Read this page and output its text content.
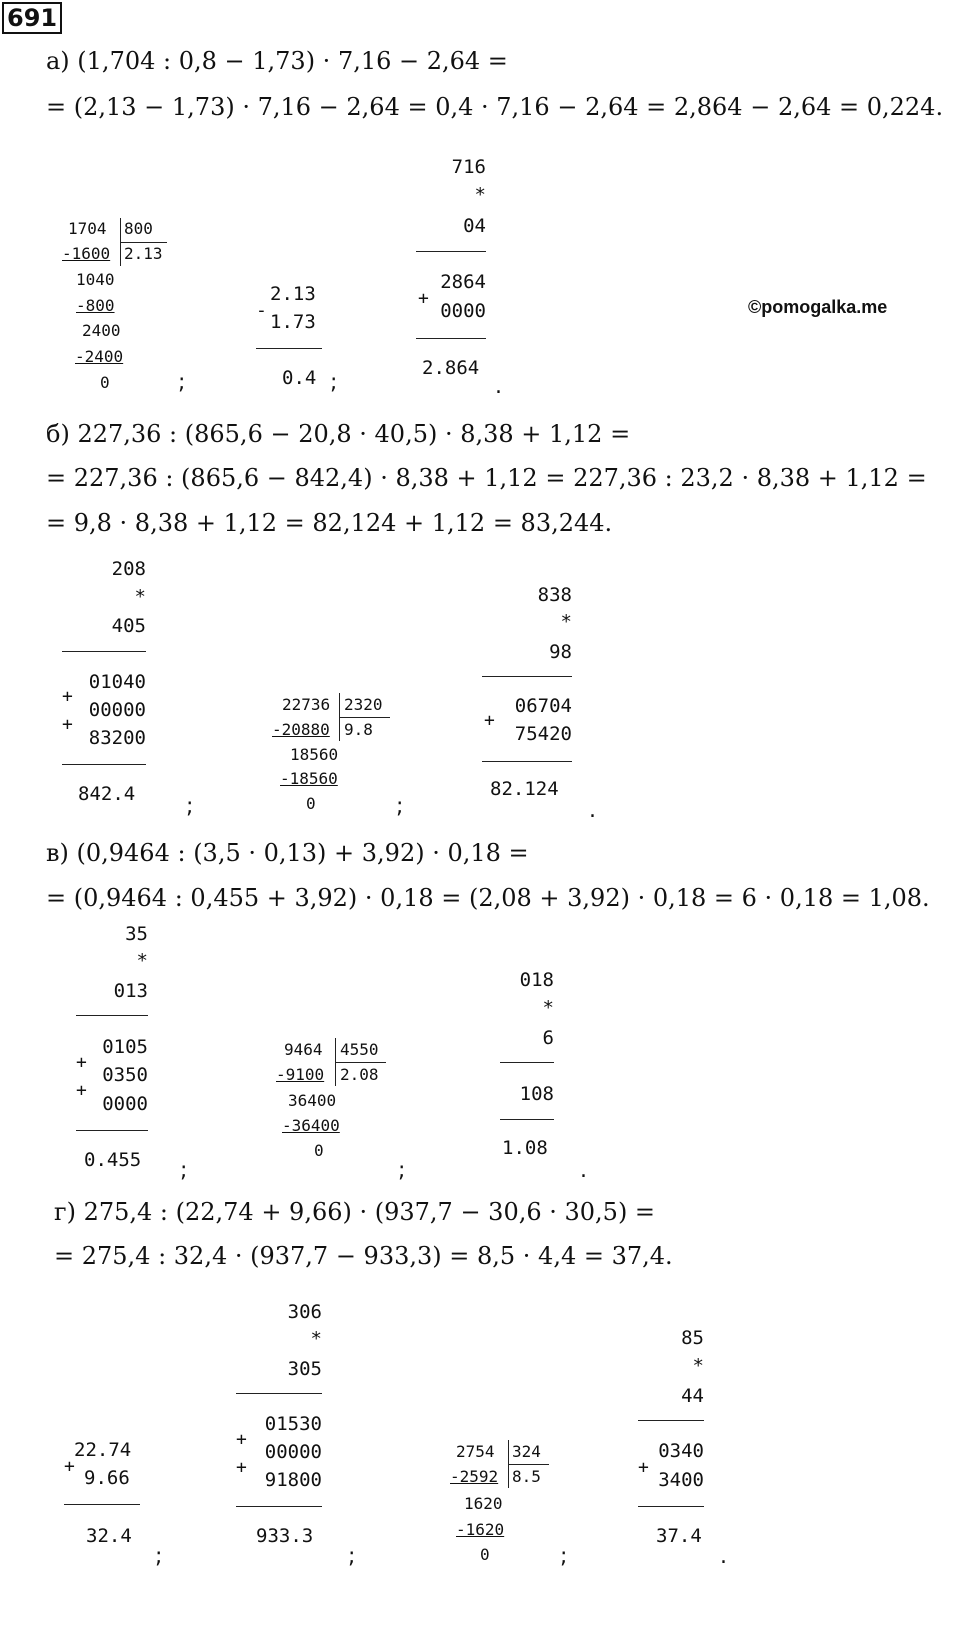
691
а) (1,704 : 0,8 − 1,73) · 7,16 − 2,64 =
= (2,13 − 1,73) · 7,16 − 2,64 = 0,4 · 7,16 − 2,64 = 2,864 − 2,64 = 0,224.
1704 800
2.13
-1600
1040
-800
2400
-2400
0	;
2.13
-
1.73
0.4 ;
716
*
04
2864
+
0000
2.864
.
©pomogalka.me
б) 227,36 : (865,6 − 20,8 · 40,5) · 8,38 + 1,12 =
= 227,36 : (865,6 − 842,4) · 8,38 + 1,12 = 227,36 : 23,2 · 8,38 + 1,12 =
= 9,8 · 8,38 + 1,12 = 82,124 + 1,12 = 83,244.
208
*
405
01040
+
00000
+
83200
842.4 ;
22736 2320
9.8
-20880
18560
-18560
0	;
838
*
98
06704
+
75420
82.124
.
в) (0,9464 : (3,5 · 0,13) + 3,92) · 0,18 =
= (0,9464 : 0,455 + 3,92) · 0,18 = (2,08 + 3,92) · 0,18 = 6 · 0,18 = 1,08.
35
*
013
0105
+
0350
+
0000
0.455 ;
9464 4550
2.08
-9100
36400
-36400
0
;
018
*
6
108
1.08
.
г) 275,4 : (22,74 + 9,66) · (937,7 − 30,6 · 30,5) =
= 275,4 : 32,4 · (937,7 − 933,3) = 8,5 · 4,4 = 37,4.
22.74
+
9.66
32.4
;
306
*
305
01530
+
00000
+
91800
933.3
;
2754 324
8.5
-2592
1620
-1620
0	;
85
*
44
0340
+
3400
37.4
.
